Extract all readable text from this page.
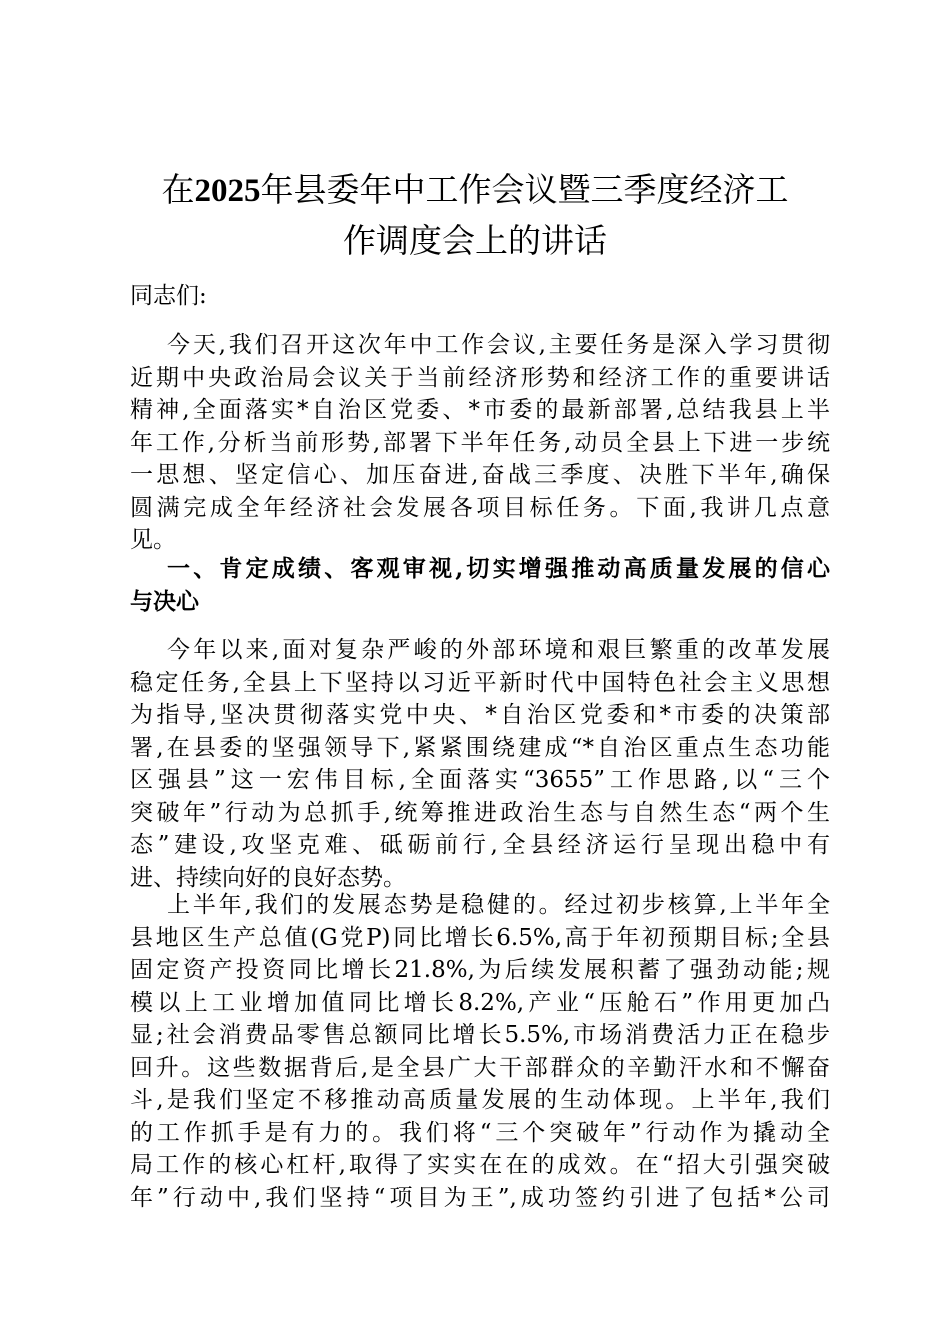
在2025年县委年中工作会议暨三季度经济工
作调度会上的讲话
同志们:
今天,我们召开这次年中工作会议,主要任务是深入学习贯彻
近期中央政治局会议关于当前经济形势和经济工作的重要讲话
精神,全面落实*自治区党委、*市委的最新部署,总结我县上半
年工作,分析当前形势,部署下半年任务,动员全县上下进一步统
一思想、坚定信心、加压奋进,奋战三季度、决胜下半年,确保
圆满完成全年经济社会发展各项目标任务。下面,我讲几点意
见。
一、肯定成绩、客观审视,切实增强推动高质量发展的信心
与决心
今年以来,面对复杂严峻的外部环境和艰巨繁重的改革发展
稳定任务,全县上下坚持以习近平新时代中国特色社会主义思想
为指导,坚决贯彻落实党中央、*自治区党委和*市委的决策部
署,在县委的坚强领导下,紧紧围绕建成“*自治区重点生态功能
区强县”这一宏伟目标,全面落实“3655”工作思路,以“三个
突破年”行动为总抓手,统筹推进政治生态与自然生态“两个生
态”建设,攻坚克难、砥砺前行,全县经济运行呈现出稳中有
进、持续向好的良好态势。
上半年,我们的发展态势是稳健的。经过初步核算,上半年全
县地区生产总值(G党P)同比增长6.5%,高于年初预期目标;全县
固定资产投资同比增长21.8%,为后续发展积蓄了强劲动能;规
模以上工业增加值同比增长8.2%,产业“压舱石”作用更加凸
显;社会消费品零售总额同比增长5.5%,市场消费活力正在稳步
回升。这些数据背后,是全县广大干部群众的辛勤汗水和不懈奋
斗,是我们坚定不移推动高质量发展的生动体现。上半年,我们
的工作抓手是有力的。我们将“三个突破年”行动作为撬动全
局工作的核心杠杆,取得了实实在在的成效。在“招大引强突破
年”行动中,我们坚持“项目为王”,成功签约引进了包括*公司
